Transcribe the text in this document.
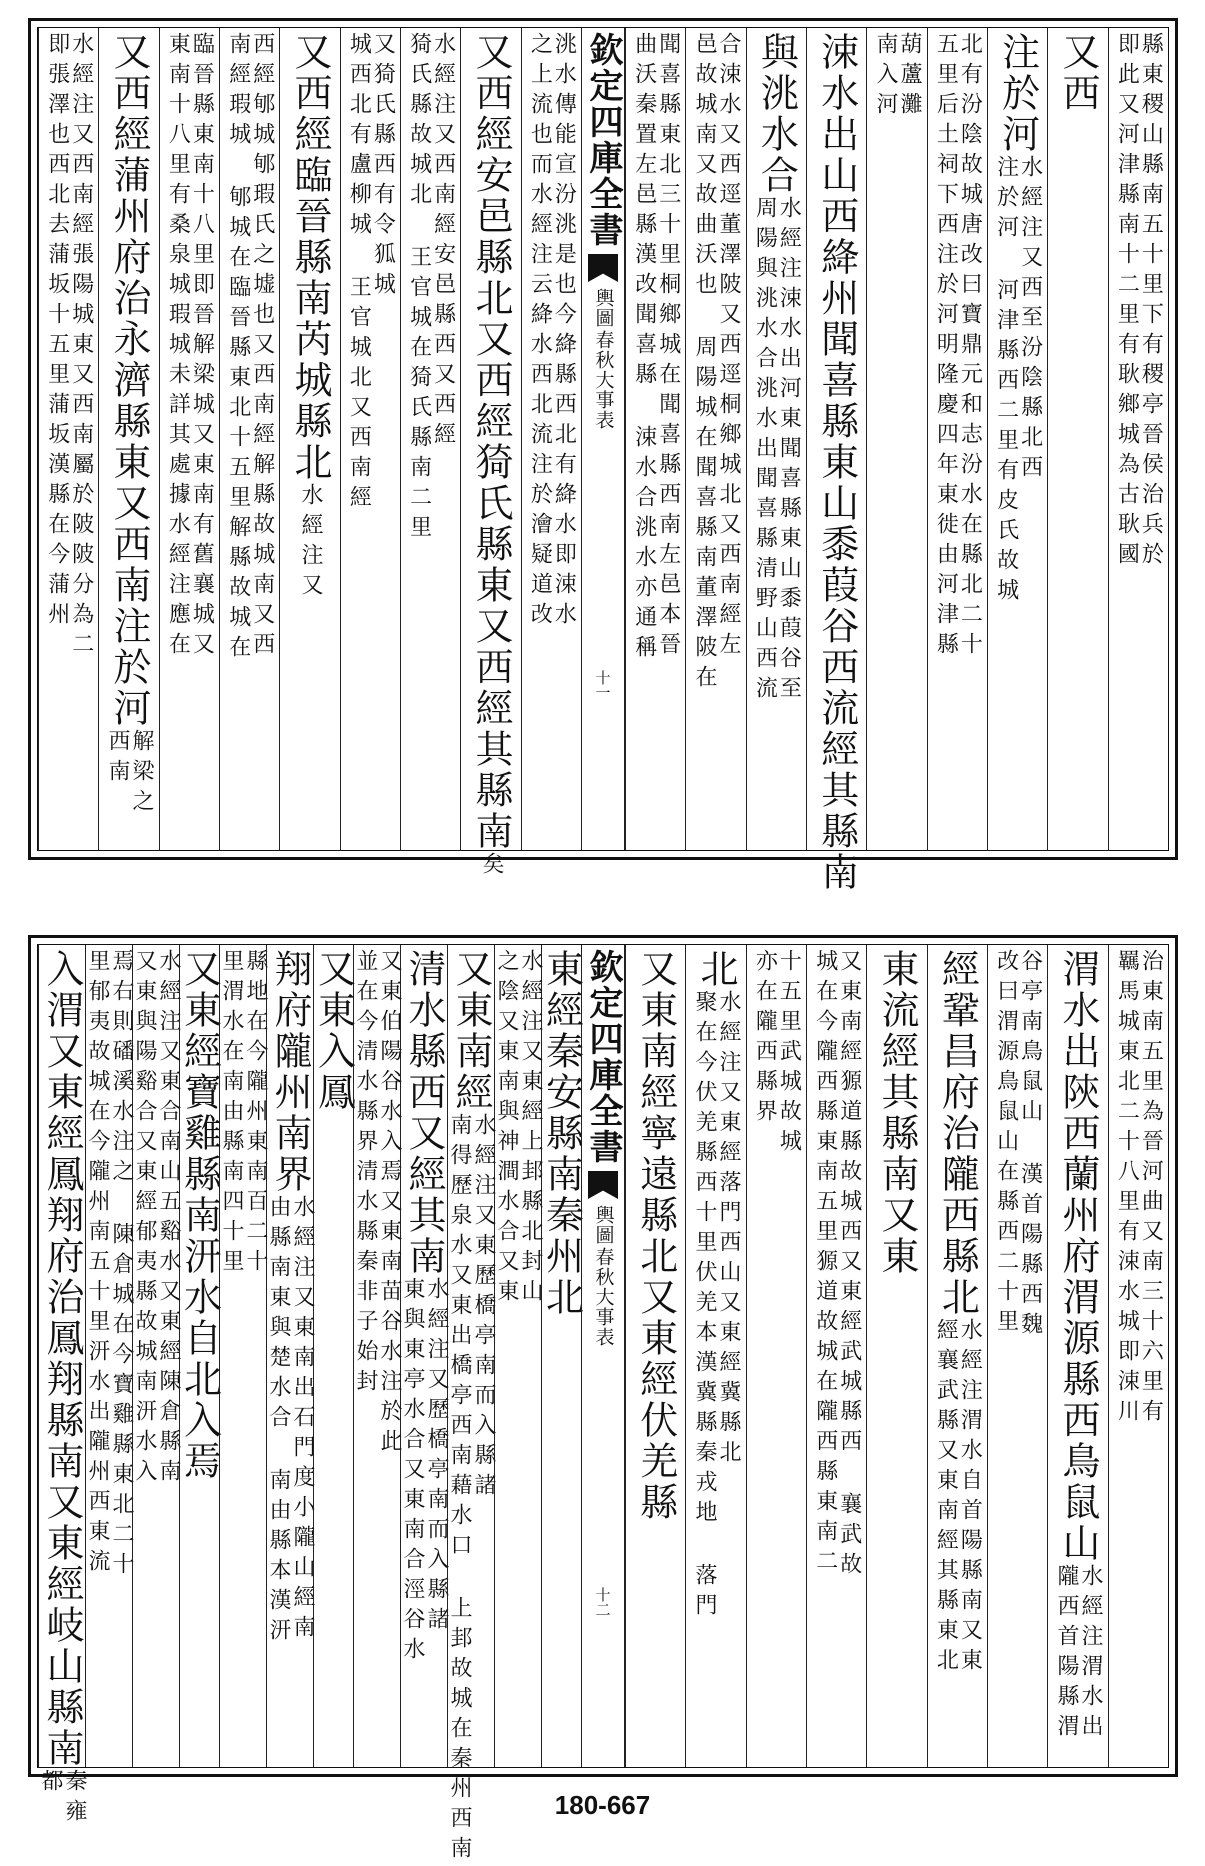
縣東稷山縣南五十里下有稷亭晉侯治兵於
即此又河津縣南十二里有耿鄉城為古耿國
又西
注於河
水經注又西至汾陰縣北西
注於河 河津縣西二里有皮氏故城
北有汾陰故城唐改曰寶鼎元和志汾水在縣北二十
五里后土祠下西注於河明隆慶四年東徙由河津縣
葫蘆灘
南入河
涑水出山西絳州聞喜縣東山黍葭谷西流經其縣南
與洮水合
水經注涑水出河東聞喜縣東山黍葭谷至
周陽與洮水合洮水出聞喜縣清野山西流
合涑水又西逕董澤陂又西逕桐鄉城北又西南經左
邑故城南又故曲沃也 周陽城在聞喜縣南董澤陂在
聞喜縣東北三十里桐鄉城在聞喜縣西南左邑本晉
曲沃秦置左邑縣漢改聞喜縣 涑水合洮水亦通稱
欽定四庫全書
春秋大事表
輿圖
十一
洮水傳能宣汾洮是也今絳縣西北有絳水即涑水
之上流也而水經注云絳水西北流注於澮疑道改
又西經安邑縣北又西經猗氏縣東又西經其縣南
矣
水經注又西南經安邑縣西又西經
猗氏縣故城北 王官城在猗氏縣南二里
又猗氏縣西有令狐城
城西北有盧柳城 王官城北又西南經
又西經臨晉縣南芮城縣北
水經注又
西經郇城郇瑕氏之墟也又西南經解縣故城南又西
南經瑕城 郇城在臨晉縣東北十五里解縣故城在
臨晉縣東南十八里即晉解梁城又東南有舊襄城又
東南十八里有桑泉城瑕城未詳其處據水經注應在
又西經蒲州府治永濟縣東又西南注於河
解梁之
西南
水經注又西南經張陽城東又西南屬於陂陂分為二
即張澤也西北去蒲坂十五里蒲坂漢縣在今蒲州
治東南五里為晉河曲又南三十六里有
羈馬城東北二十八里有涑水城即涑川
渭水出陝西蘭州府渭源縣西鳥鼠山
水經注渭水出
隴西首陽縣渭
谷亭南鳥鼠山 漢首陽縣西魏
改曰渭源鳥鼠山在縣西二十里
經鞏昌府治隴西縣北
水經注渭水自首陽縣南又東
經襄武縣又東南經其縣東北
東流經其縣南又東
又東南經獂道縣故城西又東經武城縣西 襄武故
城在今隴西縣東南五里獂道故城在隴西縣東南二
十五里武城故城
亦在隴西縣界
北
水經注又東經落門西山又東經冀縣北
聚在今伏羌縣西十里伏羌本漢冀縣秦戎地 落門
又東南經寧遠縣北又東經伏羌縣
欽定四庫全書
春秋大事表
輿圖
十二
東經秦安縣南秦州北
水經注又東經上邽縣北封山
之陰又東南與神澗水合又東
又東南經
水經注又東歷橋亭南而入縣諸
南得歷泉水又東出橋亭西南藉水口 上邽故城在秦州西南
清水縣西又經其南
水經注又歷橋亭南而入縣諸
東與東亭水合又東南合涇谷水
又東伯陽谷水入焉又東南苗谷水注於此
並在今清水縣界清水縣秦非子始封
又東入鳳
翔府隴州南界
水經注又東南出石門度小隴山經南
由縣南東與楚水合 南由縣本漢汧
縣地在今隴州東南百二十
里渭水在南由縣南四十里
又東經寶雞縣南汧水自北入焉
水經注又東合南山五谿水又東經陳倉縣南
又東與陽谿合又東經郁夷縣故城南汧水入
焉右則磻溪水注之 陳倉城在今寶雞縣東北二十
里郁夷故城在今隴州南五十里汧水出隴州西東流
入渭又東經鳳翔府治鳳翔縣南又東經岐山縣南
秦雍
都
180-667
